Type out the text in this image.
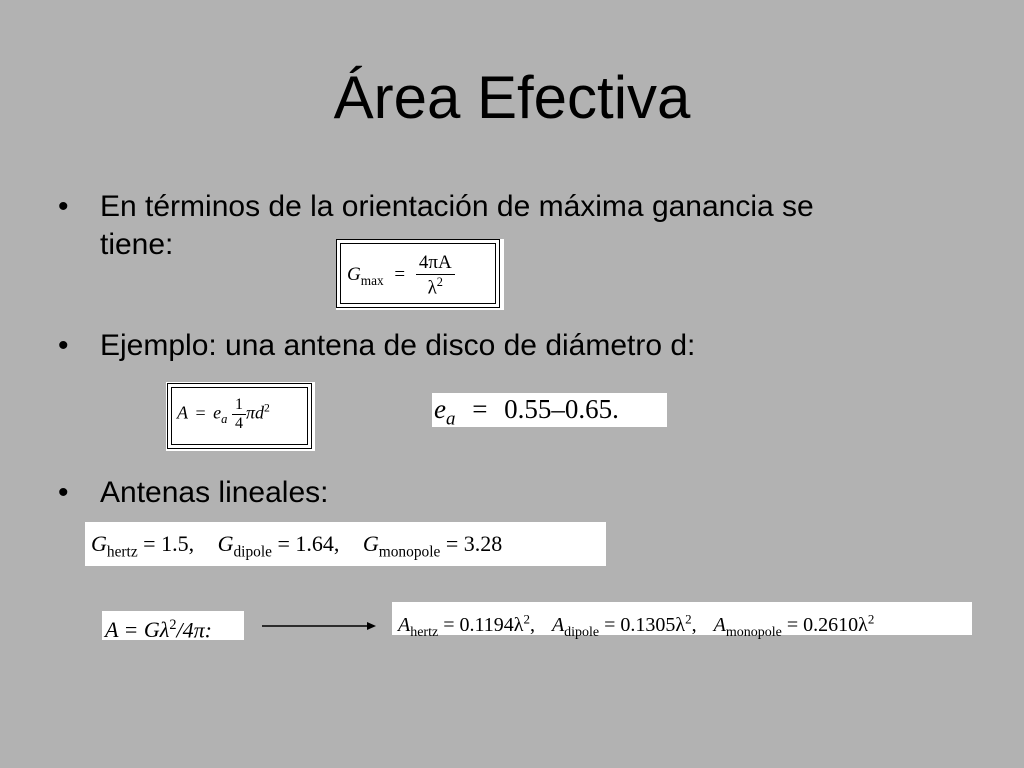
Área Efectiva
• En términos de la orientación de máxima ganancia se
tiene:
$G_{max} = \frac{4\pi A}{\lambda^2}$
• Ejemplo: una antena de disco de diámetro d:
$A = e_a \frac{1}{4} \pi d^2$	$e_a = 0.55-0.65$.
• Antenas lineales:
$G_{hertz} = 1.5$, $G_{dipole} = 1.64$, $G_{monopole} = 3.28$
$A = G\lambda^2/4\pi$:	$A_{hertz} = 0.1194\lambda^2$, $A_{dipole} = 0.1305\lambda^2$, $A_{monopole} = 0.2610\lambda^2$
